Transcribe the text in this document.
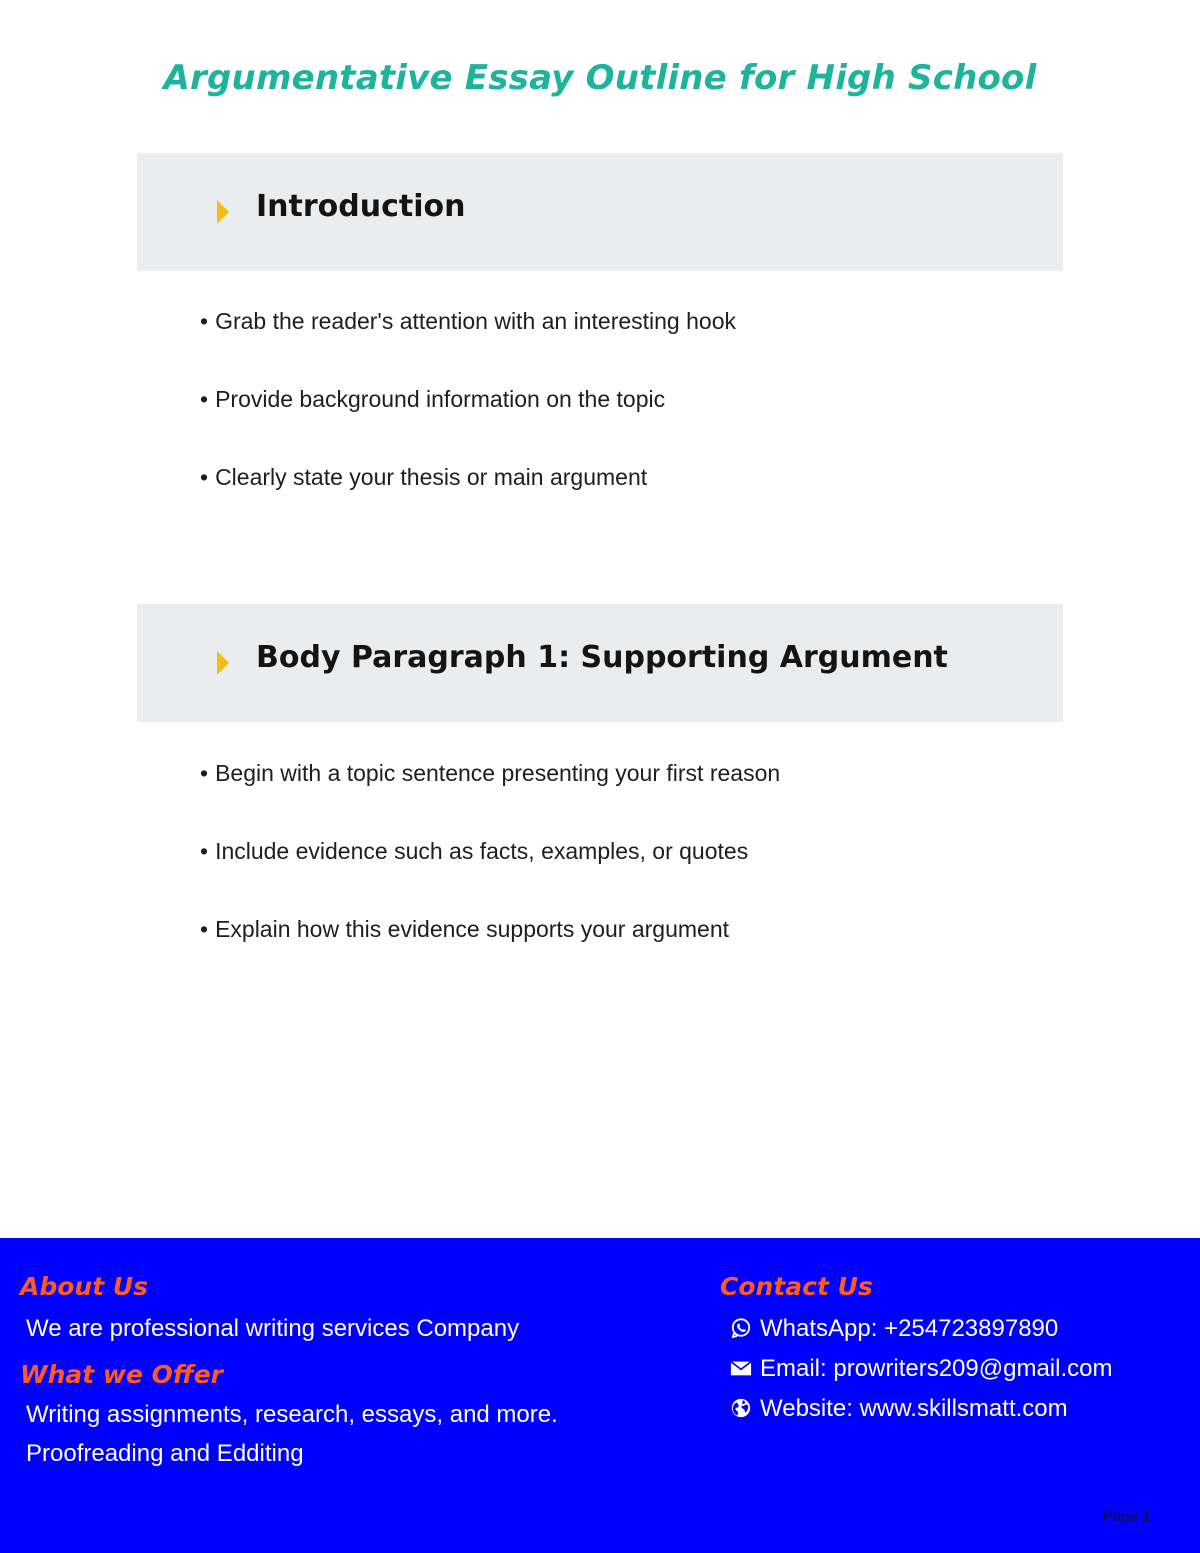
Argumentative Essay Outline for High School
Introduction
• Grab the reader's attention with an interesting hook
• Provide background information on the topic
• Clearly state your thesis or main argument
Body Paragraph 1: Supporting Argument
• Begin with a topic sentence presenting your first reason
• Include evidence such as facts, examples, or quotes
• Explain how this evidence supports your argument
About Us
We are professional writing services Company
What we Offer
Writing assignments, research, essays, and more.
Proofreading and Edditing
Contact Us
WhatsApp: +254723897890
Email: prowriters209@gmail.com
Website: www.skillsmatt.com
Page 1
